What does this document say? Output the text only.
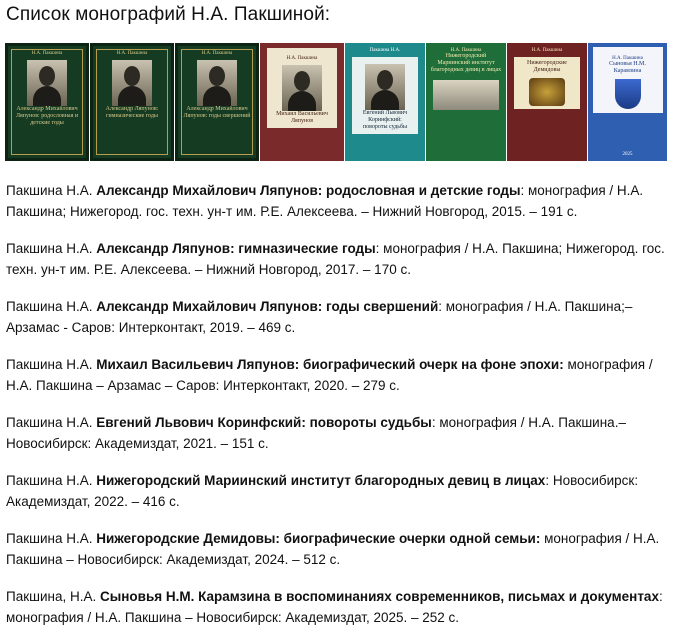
Список монографий Н.А. Пакшиной:
Н.А. Пакшина
Александр Михайлович Ляпунов: родословная и детские годы
Н.А. Пакшина
Александр Ляпунов: гимназические годы
Н.А. Пакшина
Александр Михайлович Ляпунов: годы свершений
Н.А. Пакшина
Михаил Васильевич Ляпунов
Пакшина Н.А.
Евгений Львович Коринфский: повороты судьбы
Н.А. Пакшина
Нижегородский Мариинский институт благородных девиц в лицах
Н.А. Пакшина
Нижегородские Демидовы
Н.А. Пакшина
Сыновья Н.М. Карамзина
2025
Пакшина Н.А. Александр Михайлович Ляпунов: родословная и детские годы: монография / Н.А. Пакшина; Нижегород. гос. техн. ун-т им. Р.Е. Алексеева. – Нижний Новгород, 2015. – 191 с.
Пакшина Н.А. Александр Ляпунов: гимназические годы: монография / Н.А. Пакшина; Нижегород. гос. техн. ун-т им. Р.Е. Алексеева. – Нижний Новгород, 2017. – 170 с.
Пакшина Н.А. Александр Михайлович Ляпунов: годы свершений: монография / Н.А. Пакшина;– Арзамас - Саров: Интерконтакт, 2019. – 469 с.
Пакшина Н.А. Михаил Васильевич Ляпунов: биографический очерк на фоне эпохи: монография / Н.А. Пакшина – Арзамас – Саров: Интерконтакт, 2020. – 279 с.
Пакшина Н.А. Евгений Львович Коринфский: повороты судьбы: монография / Н.А. Пакшина.– Новосибирск: Академиздат, 2021. – 151 с.
Пакшина Н.А. Нижегородский Мариинский институт благородных девиц в лицах: Новосибирск: Академиздат, 2022. – 416 с.
Пакшина Н.А. Нижегородские Демидовы: биографические очерки одной семьи: монография / Н.А. Пакшина – Новосибирск: Академиздат, 2024. – 512 с.
Пакшина, Н.А. Сыновья Н.М. Карамзина в воспоминаниях современников, письмах и документах: монография / Н.А. Пакшина – Новосибирск: Академиздат, 2025. – 252 с.
